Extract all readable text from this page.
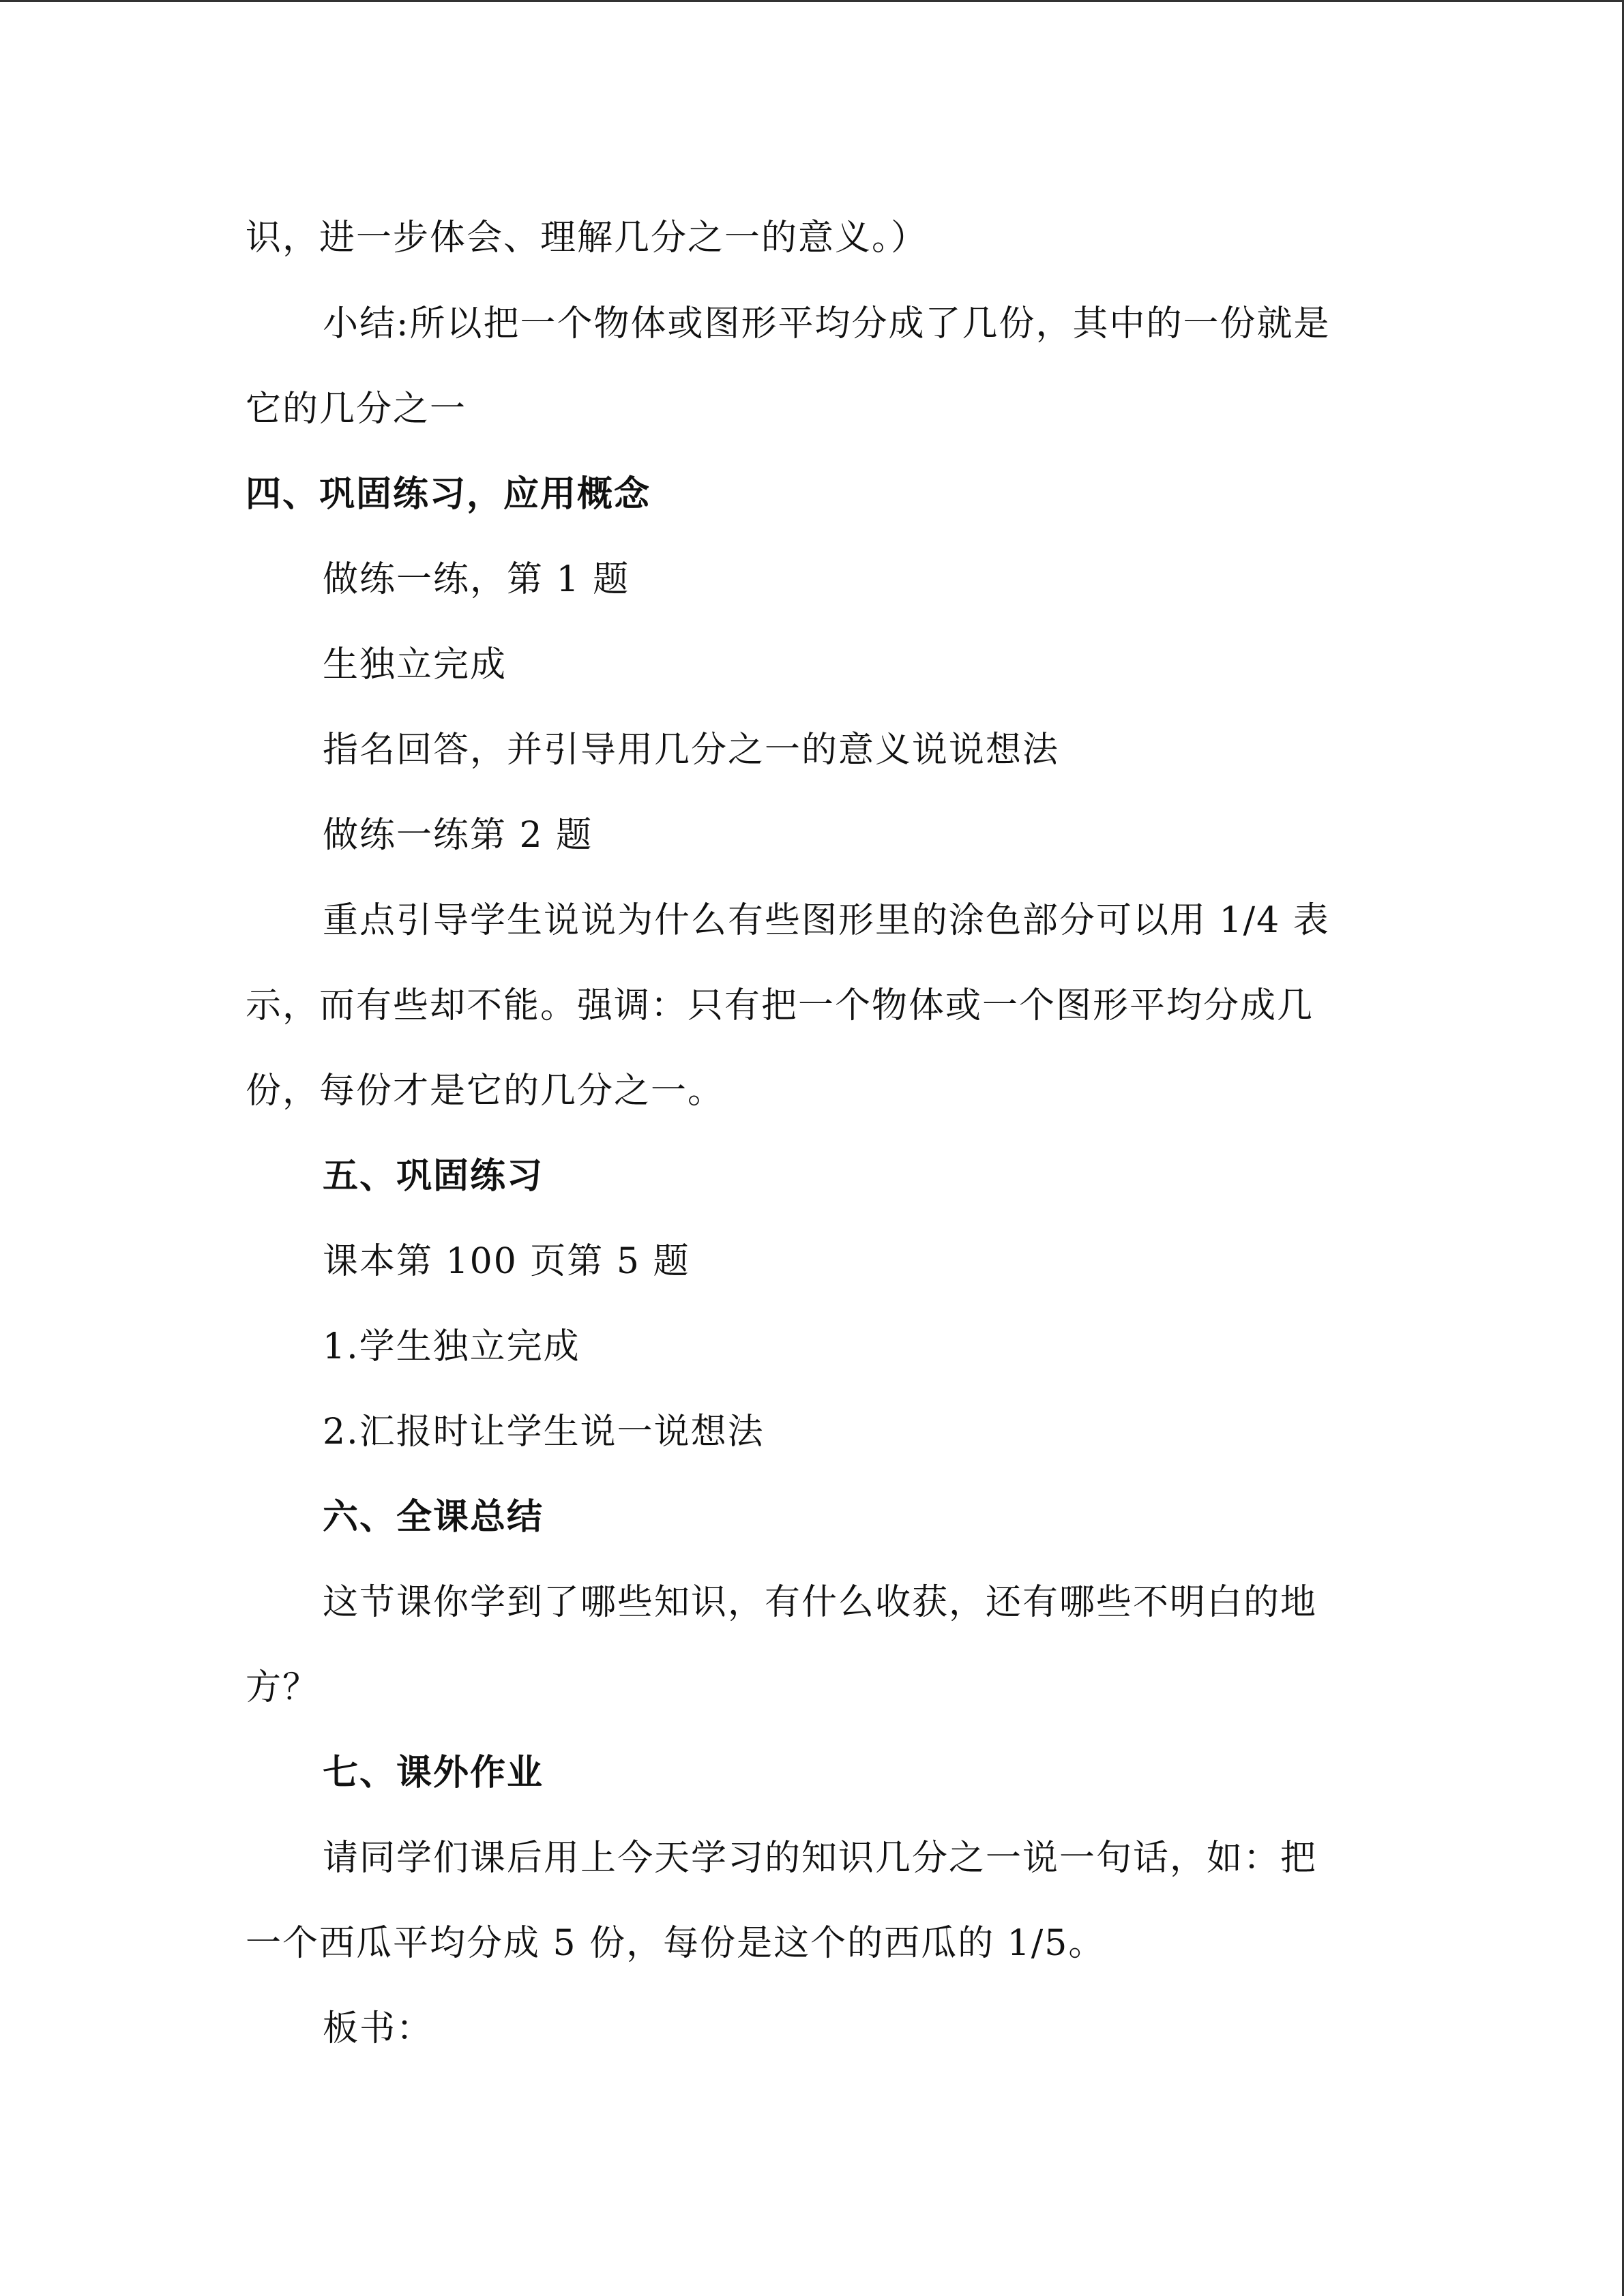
识，进一步体会、理解几分之一的意义。）
小结:所以把一个物体或图形平均分成了几份，其中的一份就是
它的几分之一
四、巩固练习，应用概念
做练一练，第 1 题
生独立完成
指名回答，并引导用几分之一的意义说说想法
做练一练第 2 题
重点引导学生说说为什么有些图形里的涂色部分可以用 1/4 表
示，而有些却不能。强调：只有把一个物体或一个图形平均分成几
份，每份才是它的几分之一。
五、巩固练习
课本第 100 页第 5 题
1.学生独立完成
2.汇报时让学生说一说想法
六、全课总结
这节课你学到了哪些知识，有什么收获，还有哪些不明白的地
方？
七、课外作业
请同学们课后用上今天学习的知识几分之一说一句话，如：把
一个西瓜平均分成 5 份，每份是这个的西瓜的 1/5。
板书：
